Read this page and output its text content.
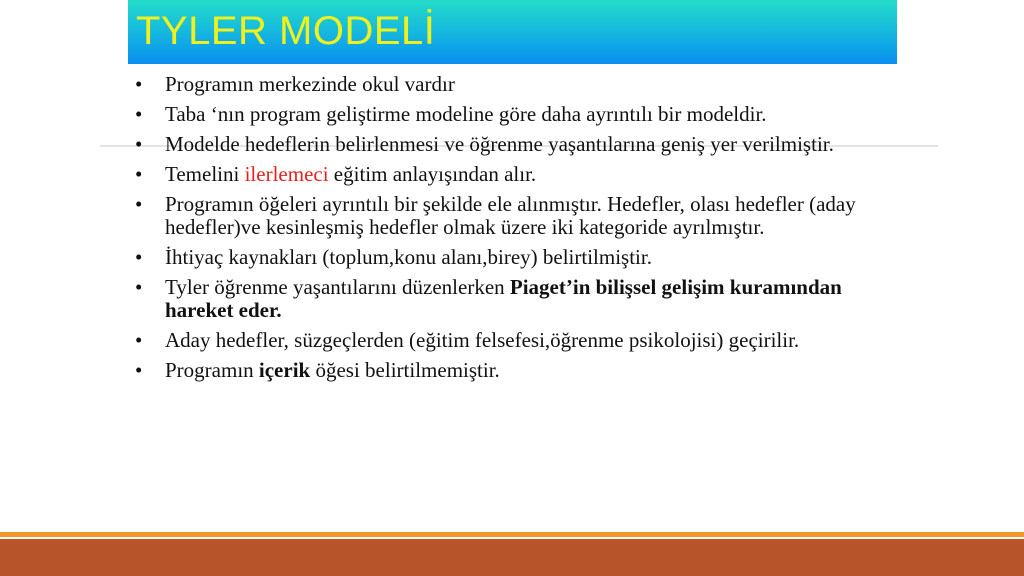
TYLER MODELİ
• Programın merkezinde okul vardır
• Taba ‘nın program geliştirme modeline göre daha ayrıntılı bir modeldir.
• Modelde hedeflerin belirlenmesi ve öğrenme yaşantılarına geniş yer verilmiştir.
• Temelini ilerlemeci eğitim anlayışından alır.
• Programın öğeleri ayrıntılı bir şekilde ele alınmıştır. Hedefler, olası hedefler (aday hedefler)ve kesinleşmiş hedefler olmak üzere iki kategoride ayrılmıştır.
• İhtiyaç kaynakları (toplum,konu alanı,birey) belirtilmiştir.
• Tyler öğrenme yaşantılarını düzenlerken Piaget’in bilişsel gelişim kuramından hareket eder.
• Aday hedefler, süzgeçlerden (eğitim felsefesi,öğrenme psikolojisi) geçirilir.
• Programın içerik öğesi belirtilmemiştir.
